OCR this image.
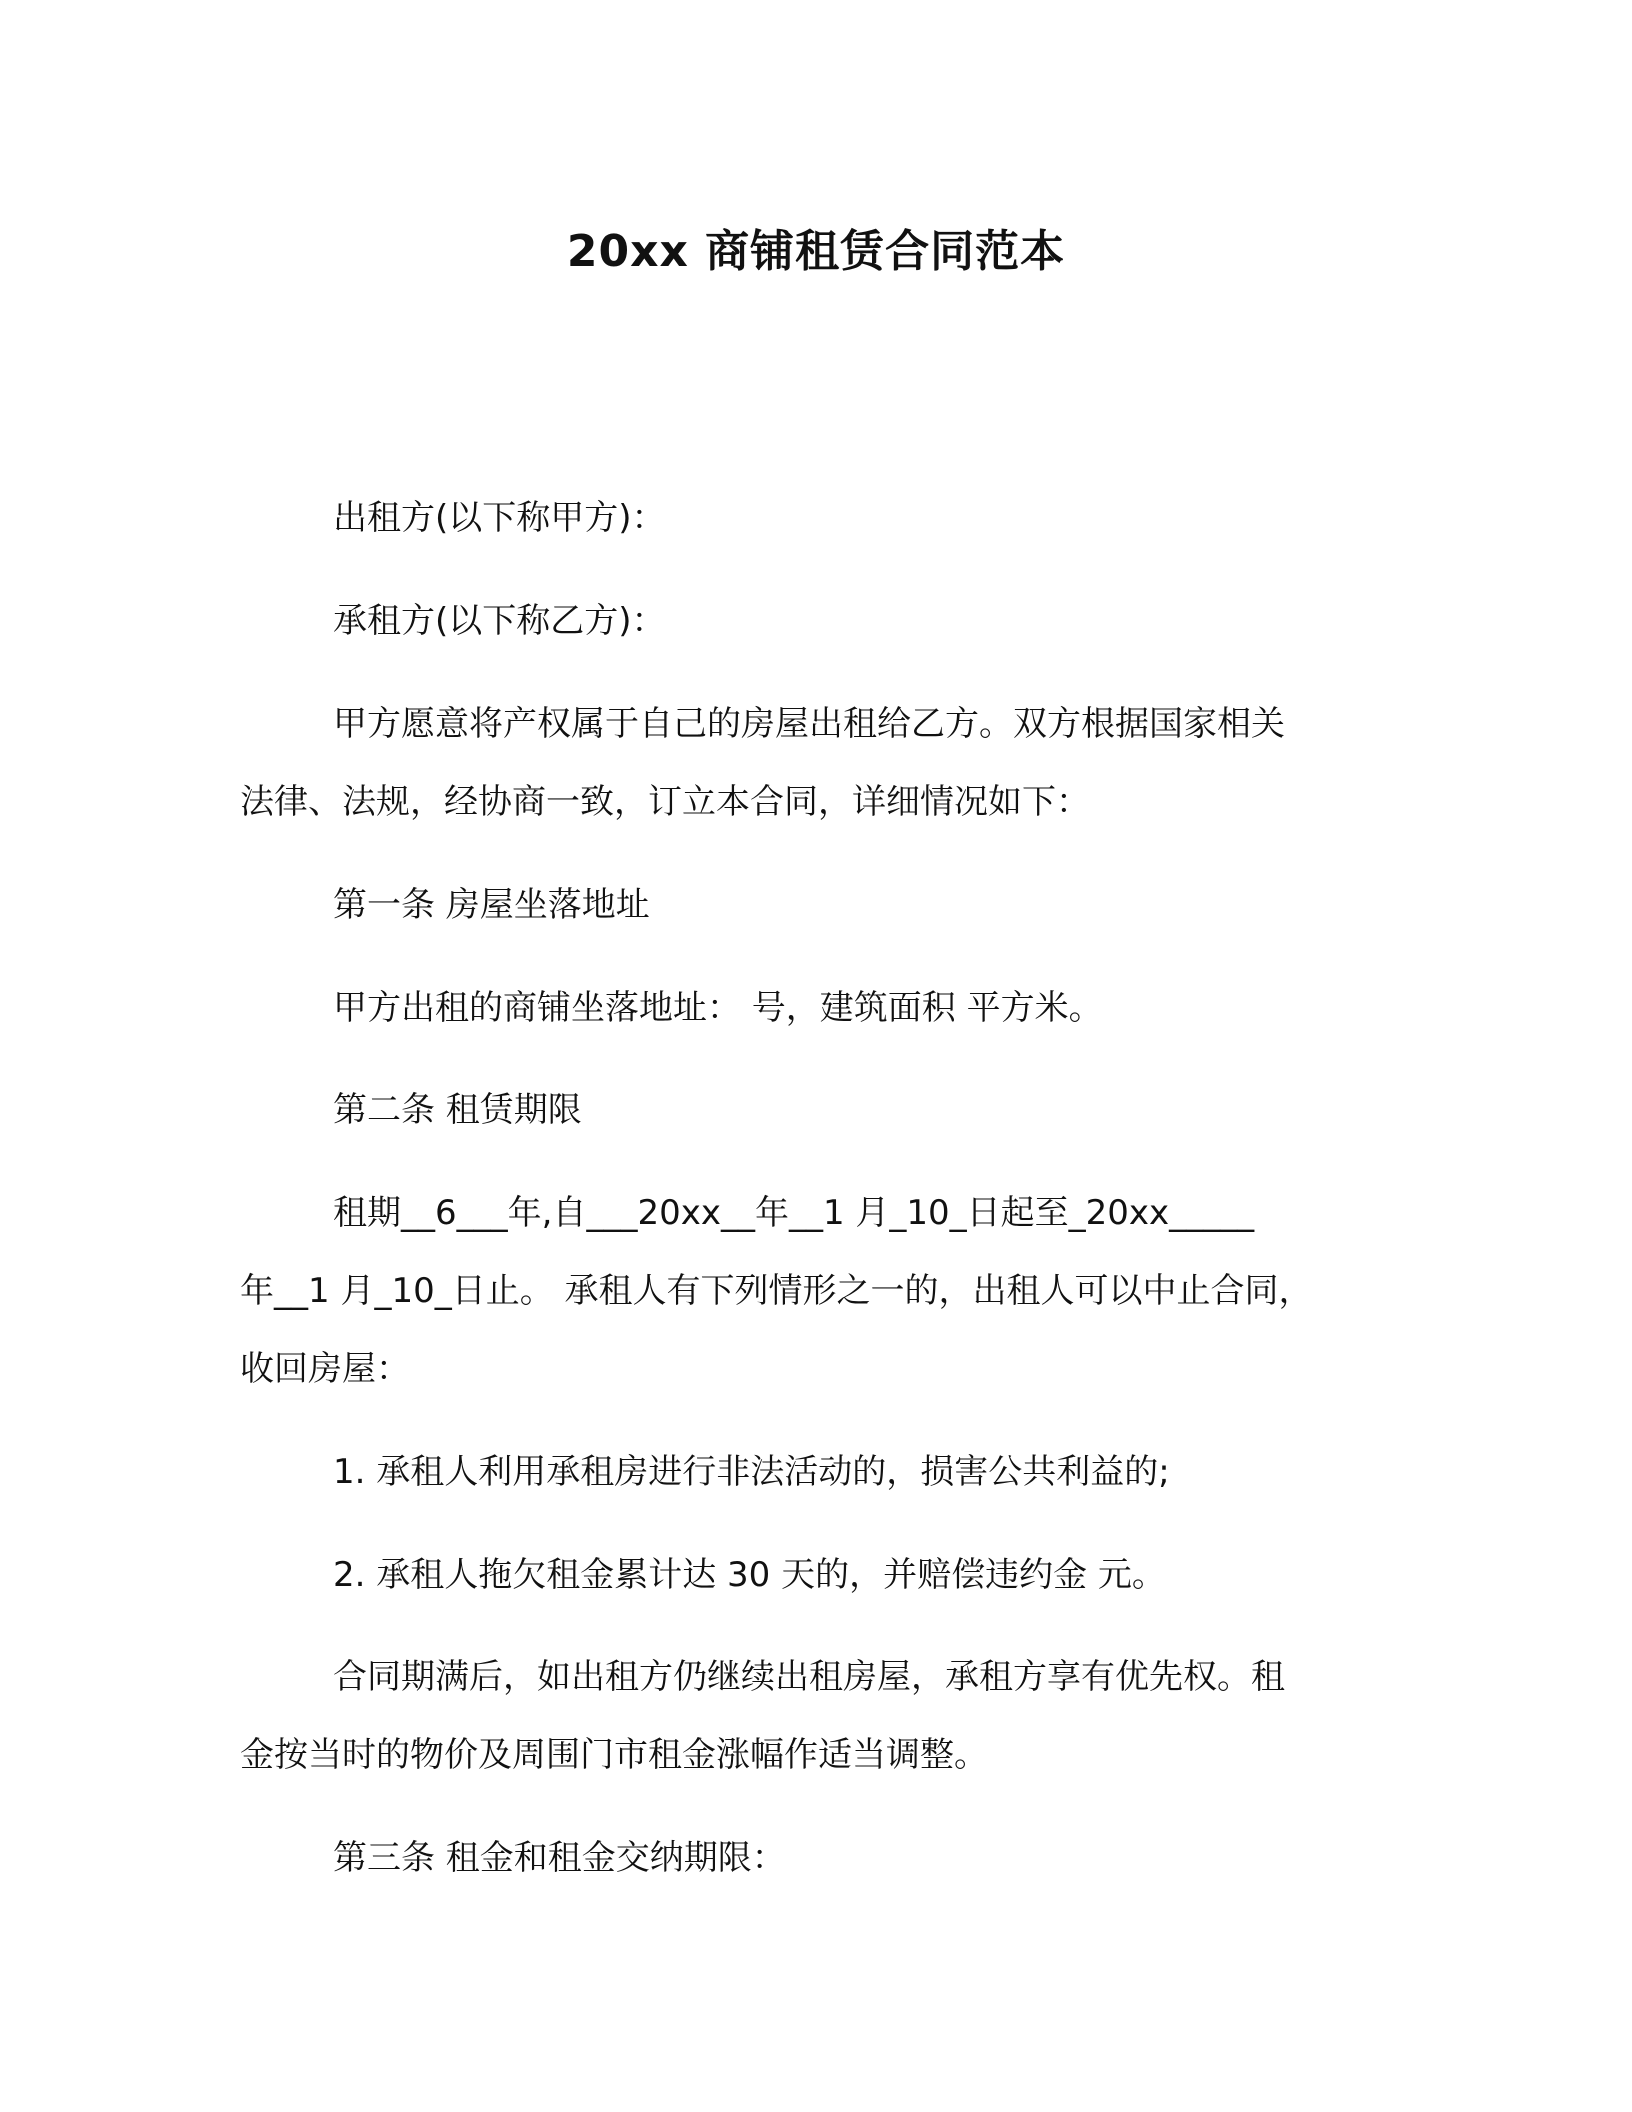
20xx 商铺租赁合同范本

出租方(以下称甲方)：

承租方(以下称乙方)：

甲方愿意将产权属于自己的房屋出租给乙方。双方根据国家相关

法律、法规，经协商一致，订立本合同，详细情况如下：

第一条 房屋坐落地址

甲方出租的商铺坐落地址： 号，建筑面积 平方米。

第二条 租赁期限

租期__6___年,自___20xx__年__1 月_10_日起至_20xx_____

年__1 月_10_日止。 承租人有下列情形之一的，出租人可以中止合同，

收回房屋：

1. 承租人利用承租房进行非法活动的，损害公共利益的;

2. 承租人拖欠租金累计达 30 天的，并赔偿违约金 元。

合同期满后，如出租方仍继续出租房屋，承租方享有优先权。租

金按当时的物价及周围门市租金涨幅作适当调整。

第三条 租金和租金交纳期限：
